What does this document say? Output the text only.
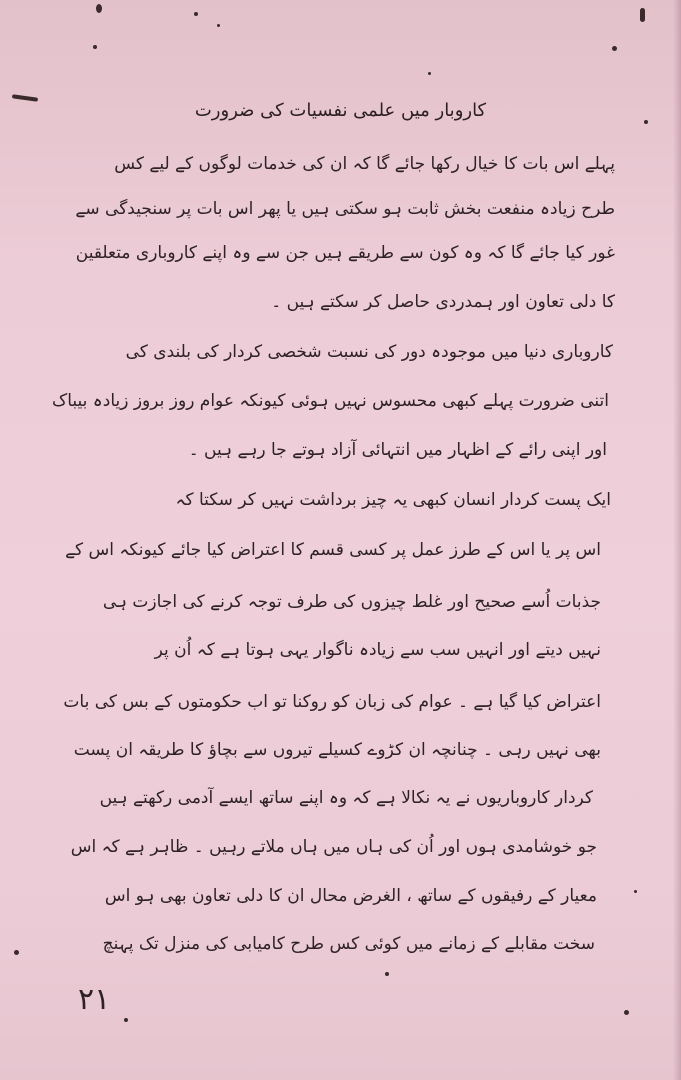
کاروبار میں علمی نفسیات کی ضرورت
پہلے اس بات کا خیال رکھا جائے گا کہ ان کی خدمات لوگوں کے لیے کس
طرح زیادہ منفعت بخش ثابت ہو سکتی ہیں یا پھر اس بات پر سنجیدگی سے
غور کیا جائے گا کہ وہ کون سے طریقے ہیں جن سے وہ اپنے کاروباری متعلقین
کا دلی تعاون اور ہمدردی حاصل کر سکتے ہیں ۔
کاروباری دنیا میں موجودہ دور کی نسبت شخصی کردار کی بلندی کی
اتنی ضرورت پہلے کبھی محسوس نہیں ہوئی کیونکہ عوام روز بروز زیادہ بیباک
اور اپنی رائے کے اظہار میں انتہائی آزاد ہوتے جا رہے ہیں ۔
ایک پست کردار انسان کبھی یہ چیز برداشت نہیں کر سکتا کہ
اس پر یا اس کے طرز عمل پر کسی قسم کا اعتراض کیا جائے کیونکہ اس کے
جذبات اُسے صحیح اور غلط چیزوں کی طرف توجہ کرنے کی اجازت ہی
نہیں دیتے اور انہیں سب سے زیادہ ناگوار یہی ہوتا ہے کہ اُن پر
اعتراض کیا گیا ہے ۔ عوام کی زبان کو روکنا تو اب حکومتوں کے بس کی بات
بھی نہیں رہی ۔ چنانچہ ان کڑوے کسیلے تیروں سے بچاؤ کا طریقہ ان پست
کردار کاروباریوں نے یہ نکالا ہے کہ وہ اپنے ساتھ ایسے آدمی رکھتے ہیں
جو خوشامدی ہوں اور اُن کی ہاں میں ہاں ملاتے رہیں ۔ ظاہر ہے کہ اس
معیار کے رفیقوں کے ساتھ ، الغرض محال ان کا دلی تعاون بھی ہو اس
سخت مقابلے کے زمانے میں کوئی کس طرح کامیابی کی منزل تک پہنچ
۲۱
